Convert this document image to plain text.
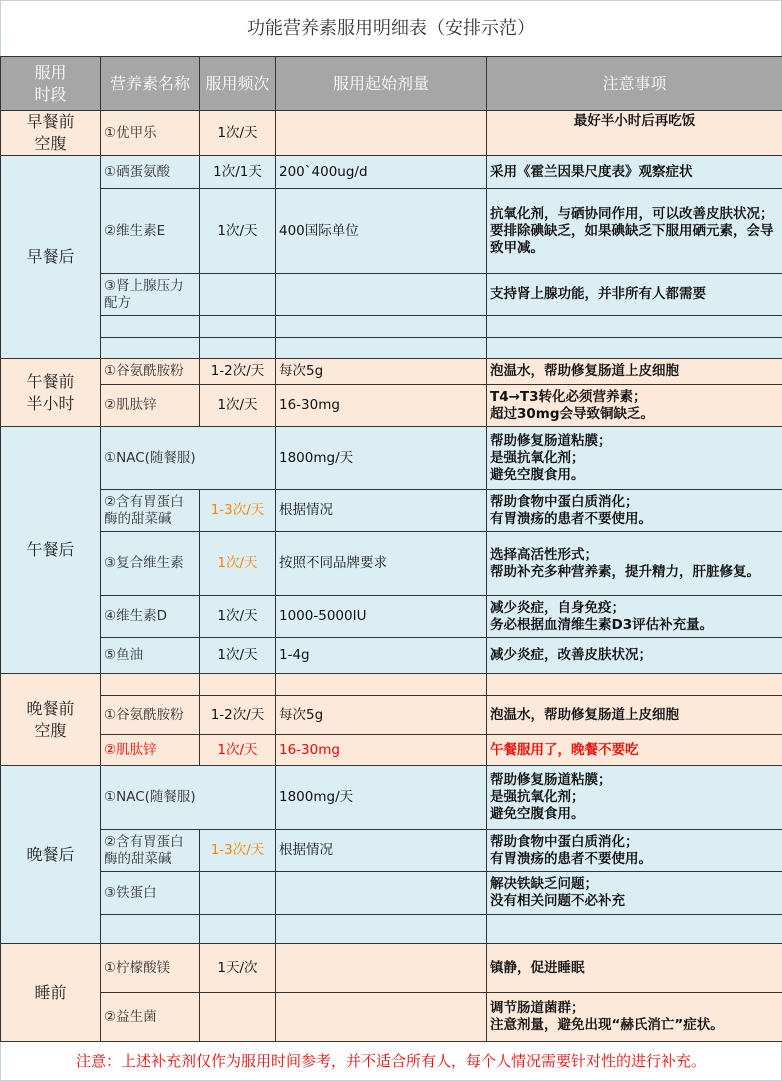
功能营养素服用明细表（安排示范）
服用
时段	营养素名称	服用频次	服用起始剂量	注意事项
早餐前
空腹	①优甲乐	1次/天		最好半小时后再吃饭
早餐后	①硒蛋氨酸	1次/1天	200`400ug/d	采用《霍兰因果尺度表》观察症状
	②维生素E	1次/天	400国际单位	抗氧化剂，与硒协同作用，可以改善皮肤状况；
要排除碘缺乏，如果碘缺乏下服用硒元素，会导致甲减。
	③肾上腺压力配方			支持肾上腺功能，并非所有人都需要

午餐前
半小时	①谷氨酰胺粉	1-2次/天	每次5g	泡温水，帮助修复肠道上皮细胞
	②肌肽锌	1次/天	16-30mg	T4→T3转化必须营养素；
超过30mg会导致铜缺乏。
午餐后	①NAC(随餐服)		1800mg/天	帮助修复肠道粘膜；
是强抗氧化剂；
避免空腹食用。
	②含有胃蛋白酶的甜菜碱	1-3次/天	根据情况	帮助食物中蛋白质消化；
有胃溃疡的患者不要使用。
	③复合维生素	1次/天	按照不同品牌要求	选择高活性形式；
帮助补充多种营养素，提升精力，肝脏修复。
	④维生素D	1次/天	1000-5000IU	减少炎症，自身免疫；
务必根据血清维生素D3评估补充量。
	⑤鱼油	1次/天	1-4g	减少炎症，改善皮肤状况；
晚餐前
空腹				
	①谷氨酰胺粉	1-2次/天	每次5g	泡温水，帮助修复肠道上皮细胞
	②肌肽锌	1次/天	16-30mg	午餐服用了，晚餐不要吃
晚餐后	①NAC(随餐服)		1800mg/天	帮助修复肠道粘膜；
是强抗氧化剂；
避免空腹食用。
	②含有胃蛋白酶的甜菜碱	1-3次/天	根据情况	帮助食物中蛋白质消化；
有胃溃疡的患者不要使用。
	③铁蛋白			解决铁缺乏问题；
没有相关问题不必补充

睡前	①柠檬酸镁	1天/次		镇静，促进睡眠
	②益生菌			调节肠道菌群；
注意剂量，避免出现“赫氏消亡”症状。
注意：上述补充剂仅作为服用时间参考，并不适合所有人，每个人情况需要针对性的进行补充。
